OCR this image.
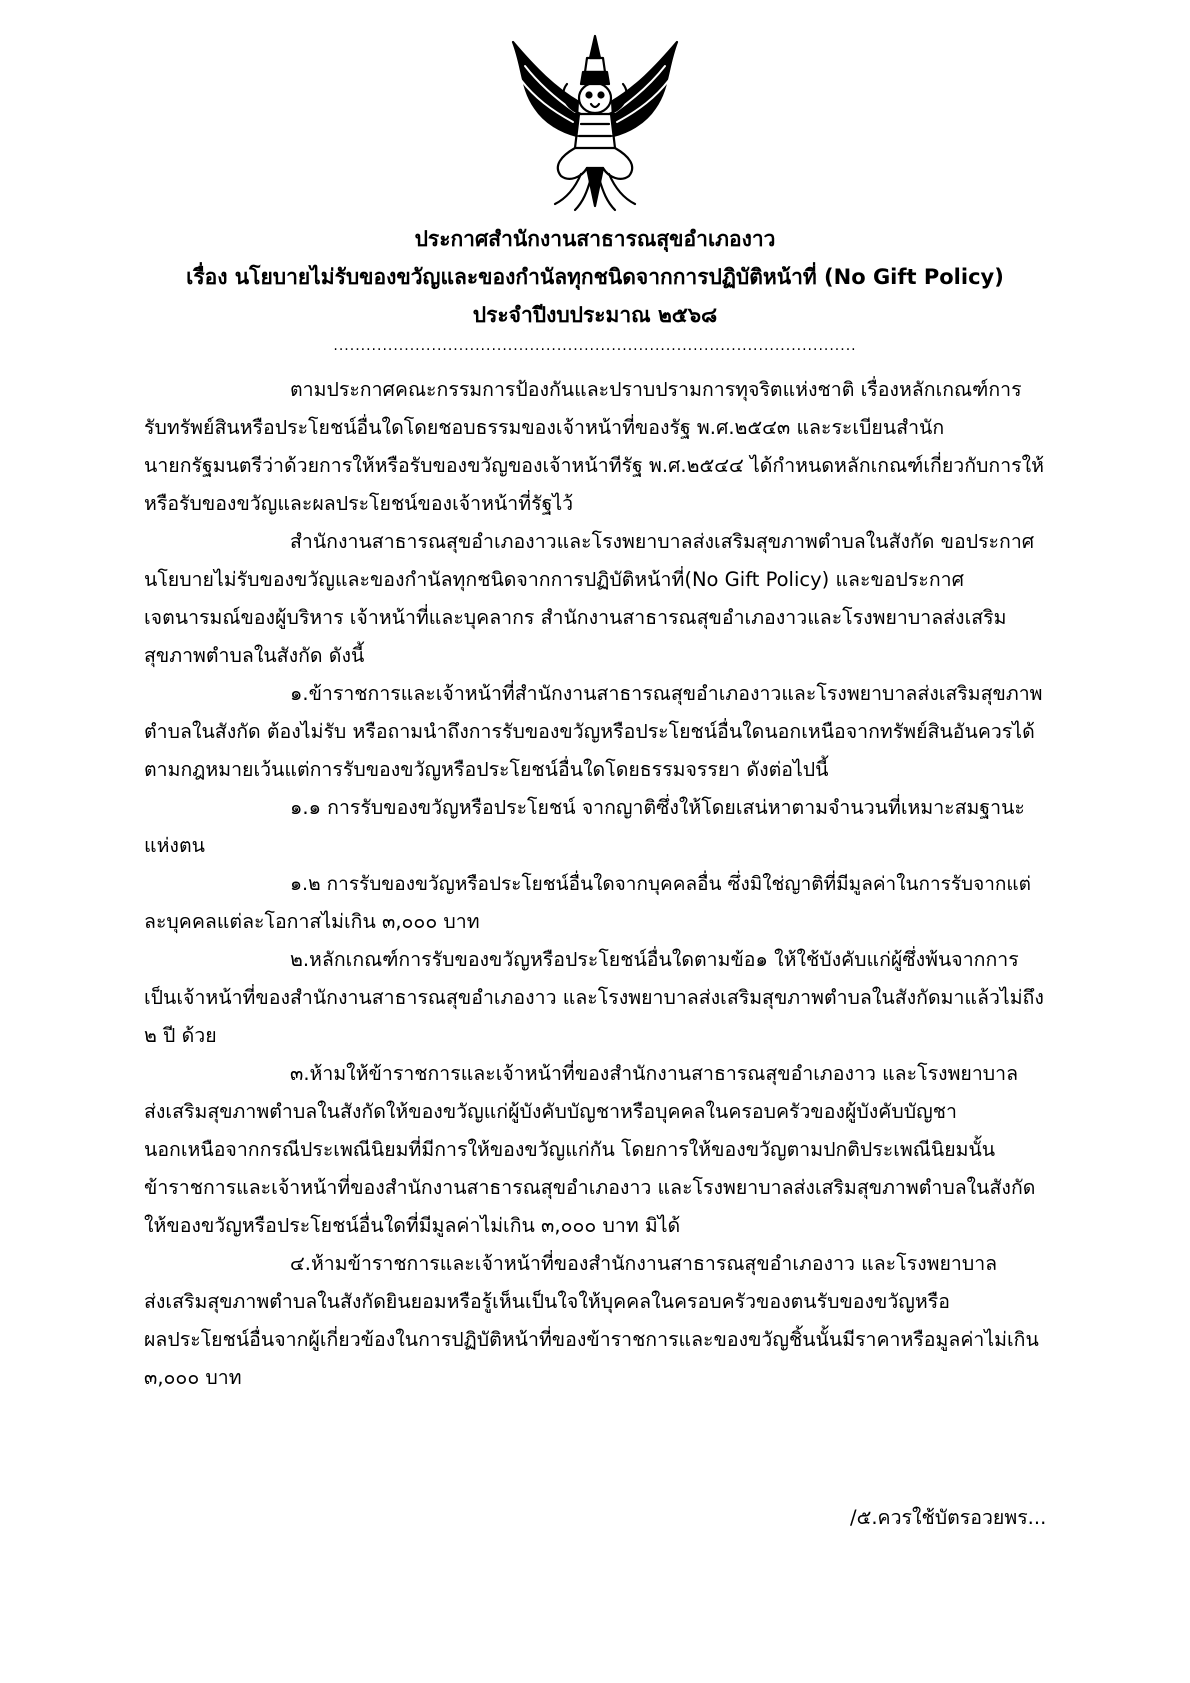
ประกาศสำนักงานสาธารณสุขอำเภองาว
เรื่อง นโยบายไม่รับของขวัญและของกำนัลทุกชนิดจากการปฏิบัติหน้าที่ (No Gift Policy)
ประจำปีงบประมาณ ๒๕๖๘
................................................................................................
ตามประกาศคณะกรรมการป้องกันและปราบปรามการทุจริตแห่งชาติ เรื่องหลักเกณฑ์การ
รับทรัพย์สินหรือประโยชน์อื่นใดโดยชอบธรรมของเจ้าหน้าที่ของรัฐ พ.ศ.๒๕๔๓ และระเบียนสำนัก
นายกรัฐมนตรีว่าด้วยการให้หรือรับของขวัญของเจ้าหน้าทีรัฐ พ.ศ.๒๕๔๔ ได้กำหนดหลักเกณฑ์เกี่ยวกับการให้
หรือรับของขวัญและผลประโยชน์ของเจ้าหน้าที่รัฐไว้
สำนักงานสาธารณสุขอำเภองาวและโรงพยาบาลส่งเสริมสุขภาพตำบลในสังกัด ขอประกาศ
นโยบายไม่รับของขวัญและของกำนัลทุกชนิดจากการปฏิบัติหน้าที่(No Gift Policy) และขอประกาศ
เจตนารมณ์ของผู้บริหาร เจ้าหน้าที่และบุคลากร สำนักงานสาธารณสุขอำเภองาวและโรงพยาบาลส่งเสริม
สุขภาพตำบลในสังกัด ดังนี้
๑.ข้าราชการและเจ้าหน้าที่สำนักงานสาธารณสุขอำเภองาวและโรงพยาบาลส่งเสริมสุขภาพ
ตำบลในสังกัด ต้องไม่รับ หรือถามนำถึงการรับของขวัญหรือประโยชน์อื่นใดนอกเหนือจากทรัพย์สินอันควรได้
ตามกฎหมายเว้นแต่การรับของขวัญหรือประโยชน์อื่นใดโดยธรรมจรรยา ดังต่อไปนี้
๑.๑ การรับของขวัญหรือประโยชน์ จากญาติซึ่งให้โดยเสน่หาตามจำนวนที่เหมาะสมฐานะ
แห่งตน
๑.๒ การรับของขวัญหรือประโยชน์อื่นใดจากบุคคลอื่น ซึ่งมิใช่ญาติที่มีมูลค่าในการรับจากแต่
ละบุคคลแต่ละโอกาสไม่เกิน ๓,๐๐๐ บาท
๒.หลักเกณฑ์การรับของขวัญหรือประโยชน์อื่นใดตามข้อ๑ ให้ใช้บังคับแก่ผู้ซึ่งพ้นจากการ
เป็นเจ้าหน้าที่ของสำนักงานสาธารณสุขอำเภองาว และโรงพยาบาลส่งเสริมสุขภาพตำบลในสังกัดมาแล้วไม่ถึง
๒ ปี ด้วย
๓.ห้ามให้ข้าราชการและเจ้าหน้าที่ของสำนักงานสาธารณสุขอำเภองาว และโรงพยาบาล
ส่งเสริมสุขภาพตำบลในสังกัดให้ของขวัญแก่ผู้บังคับบัญชาหรือบุคคลในครอบครัวของผู้บังคับบัญชา
นอกเหนือจากกรณีประเพณีนิยมที่มีการให้ของขวัญแก่กัน โดยการให้ของขวัญตามปกติประเพณีนิยมนั้น
ข้าราชการและเจ้าหน้าที่ของสำนักงานสาธารณสุขอำเภองาว และโรงพยาบาลส่งเสริมสุขภาพตำบลในสังกัด
ให้ของขวัญหรือประโยชน์อื่นใดที่มีมูลค่าไม่เกิน ๓,๐๐๐ บาท มิได้
๔.ห้ามข้าราชการและเจ้าหน้าที่ของสำนักงานสาธารณสุขอำเภองาว และโรงพยาบาล
ส่งเสริมสุขภาพตำบลในสังกัดยินยอมหรือรู้เห็นเป็นใจให้บุคคลในครอบครัวของตนรับของขวัญหรือ
ผลประโยชน์อื่นจากผู้เกี่ยวข้องในการปฏิบัติหน้าที่ของข้าราชการและของขวัญชิ้นนั้นมีราคาหรือมูลค่าไม่เกิน
๓,๐๐๐ บาท
/๕.ควรใช้บัตรอวยพร...
